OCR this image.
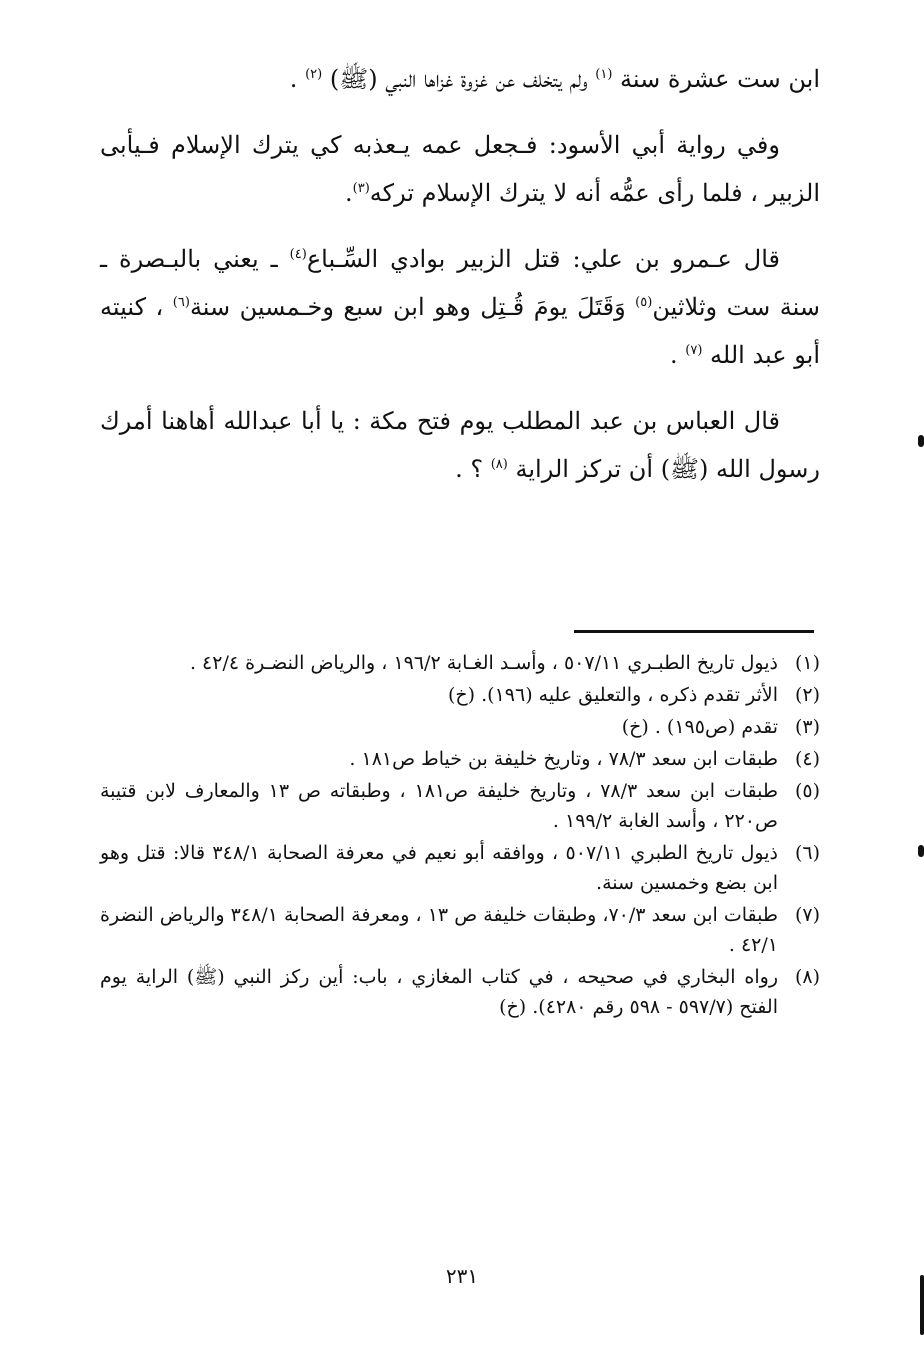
ابن ست عشرة سنة $^{(١)}$ ولم يتخلف عن غزوة غزاها النبي (ﷺ) $^{(٢)}$ .

وفي رواية أبي الأسود: فـجعل عمه يـعذبه كي يترك الإسلام فـيأبى الزبير ، فلما رأى عمُّه أنه لا يترك الإسلام تركه$^{(٣)}$.

قال عـمرو بن علي: قتل الزبير بوادي السِّـباع$^{(٤)}$ ـ يعني بالبـصرة ـ سنة ست وثلاثين$^{(٥)}$ وَقَتَلَ يومَ قُـتِل وهو ابن سبع وخـمسين سنة$^{(٦)}$ ، كنيته أبو عبد الله $^{(٧)}$ .

قال العباس بن عبد المطلب يوم فتح مكة : يا أبا عبدالله أهاهنا أمرك رسول الله (ﷺ) أن تركز الراية $^{(٨)}$ ؟ .

(١)
ذيول تاريخ الطبـري ٥٠٧/١١ ، وأسـد الغـابة ١٩٦/٢ ، والرياض النضـرة ٤٢/٤ .
(٢)
الأثر تقدم ذكره ، والتعليق عليه (١٩٦). (خ)
(٣)
تقدم (ص١٩٥) . (خ)
(٤)
طبقات ابن سعد ٧٨/٣ ، وتاريخ خليفة بن خياط ص١٨١ .
(٥)
طبقات ابن سعد ٧٨/٣ ، وتاريخ خليفة ص١٨١ ، وطبقاته ص ١٣ والمعارف لابن قتيبة ص٢٢٠ ، وأسد الغابة ١٩٩/٢ .
(٦)
ذيول تاريخ الطبري ٥٠٧/١١ ، ووافقه أبو نعيم في معرفة الصحابة ٣٤٨/١ قالا: قتل وهو ابن بضع وخمسين سنة.
(٧)
طبقات ابن سعد ٧٠/٣، وطبقات خليفة ص ١٣ ، ومعرفة الصحابة ٣٤٨/١ والرياض النضرة ٤٢/١ .
(٨)
رواه البخاري في صحيحه ، في كتاب المغازي ، باب: أين ركز النبي (ﷺ) الراية يوم الفتح (٥٩٧/٧ - ٥٩٨ رقم ٤٢٨٠). (خ)
٢٣١
